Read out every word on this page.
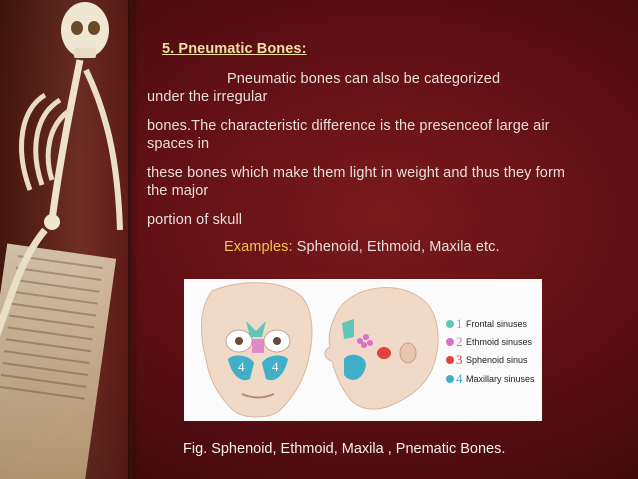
5. Pneumatic Bones:
Pneumatic bones can also be categorized
under the irregular
bones.The characteristic difference is the presenceof large air spaces in
these bones which make them light in weight and thus they form the major
portion of skull
Examples: Sphenoid, Ethmoid, Maxila etc.
4 4
1 Frontal sinuses
2 Ethmoid sinuses
3 Sphenoid sinus
4 Maxillary sinuses
Fig. Sphenoid, Ethmoid, Maxila , Pnematic Bones.
